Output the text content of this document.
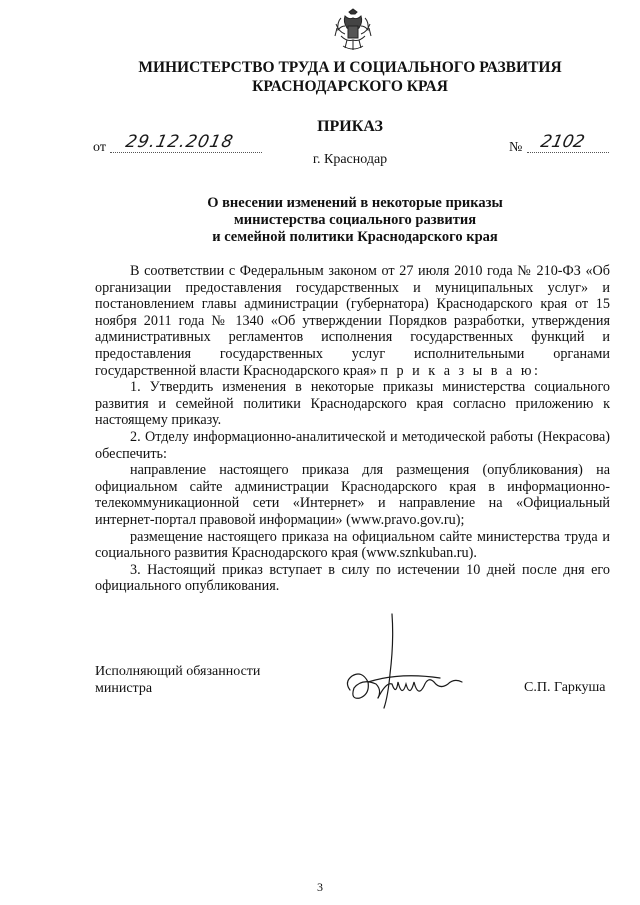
МИНИСТЕРСТВО ТРУДА И СОЦИАЛЬНОГО РАЗВИТИЯ
КРАСНОДАРСКОГО КРАЯ
ПРИКАЗ
от 29.12.2018	№ 2102
г. Краснодар
О внесении изменений в некоторые приказы
министерства социального развития
и семейной политики Краснодарского края

В соответствии с Федеральным законом от 27 июля 2010 года № 210-ФЗ «Об организации предоставления государственных и муниципальных услуг» и постановлением главы администрации (губернатора) Краснодарского края от 15 ноября 2011 года № 1340 «Об утверждении Порядков разработки, утверждения административных регламентов исполнения государственных функций и предоставления государственных услуг исполнительными органами государственной власти Краснодарского края» п р и к а з ы в а ю:

1. Утвердить изменения в некоторые приказы министерства социального развития и семейной политики Краснодарского края согласно приложению к настоящему приказу.

2. Отделу информационно-аналитической и методической работы (Некрасова) обеспечить:

направление настоящего приказа для размещения (опубликования) на официальном сайте администрации Краснодарского края в информационно-телекоммуникационной сети «Интернет» и направление на «Официальный интернет-портал правовой информации» (www.pravo.gov.ru);

размещение настоящего приказа на официальном сайте министерства труда и социального развития Краснодарского края (www.sznkuban.ru).

3. Настоящий приказ вступает в силу по истечении 10 дней после дня его официального опубликования.

Исполняющий обязанности
министра	С.П. Гаркуша
3
